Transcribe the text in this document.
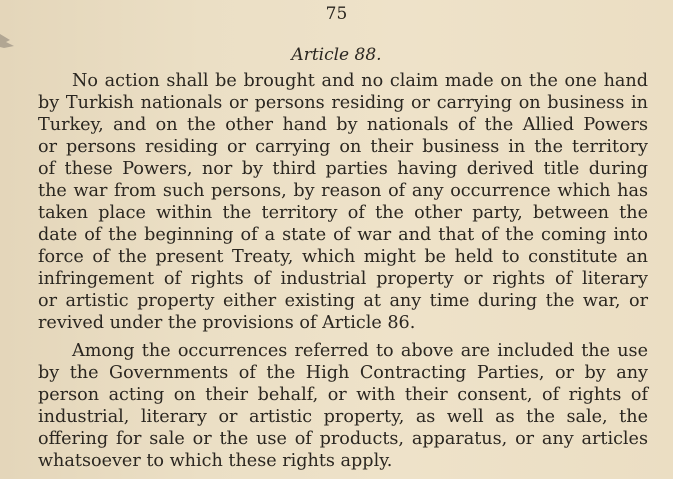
75
Article 88.
No action shall be brought and no claim made on the one hand
by Turkish nationals or persons residing or carrying on business in
Turkey, and on the other hand by nationals of the Allied Powers
or persons residing or carrying on their business in the territory
of these Powers, nor by third parties having derived title during
the war from such persons, by reason of any occurrence which has
taken place within the territory of the other party, between the
date of the beginning of a state of war and that of the coming into
force of the present Treaty, which might be held to constitute an
infringement of rights of industrial property or rights of literary
or artistic property either existing at any time during the war, or
revived under the provisions of Article 86.
Among the occurrences referred to above are included the use
by the Governments of the High Contracting Parties, or by any
person acting on their behalf, or with their consent, of rights of
industrial, literary or artistic property, as well as the sale, the
offering for sale or the use of products, apparatus, or any articles
whatsoever to which these rights apply.
